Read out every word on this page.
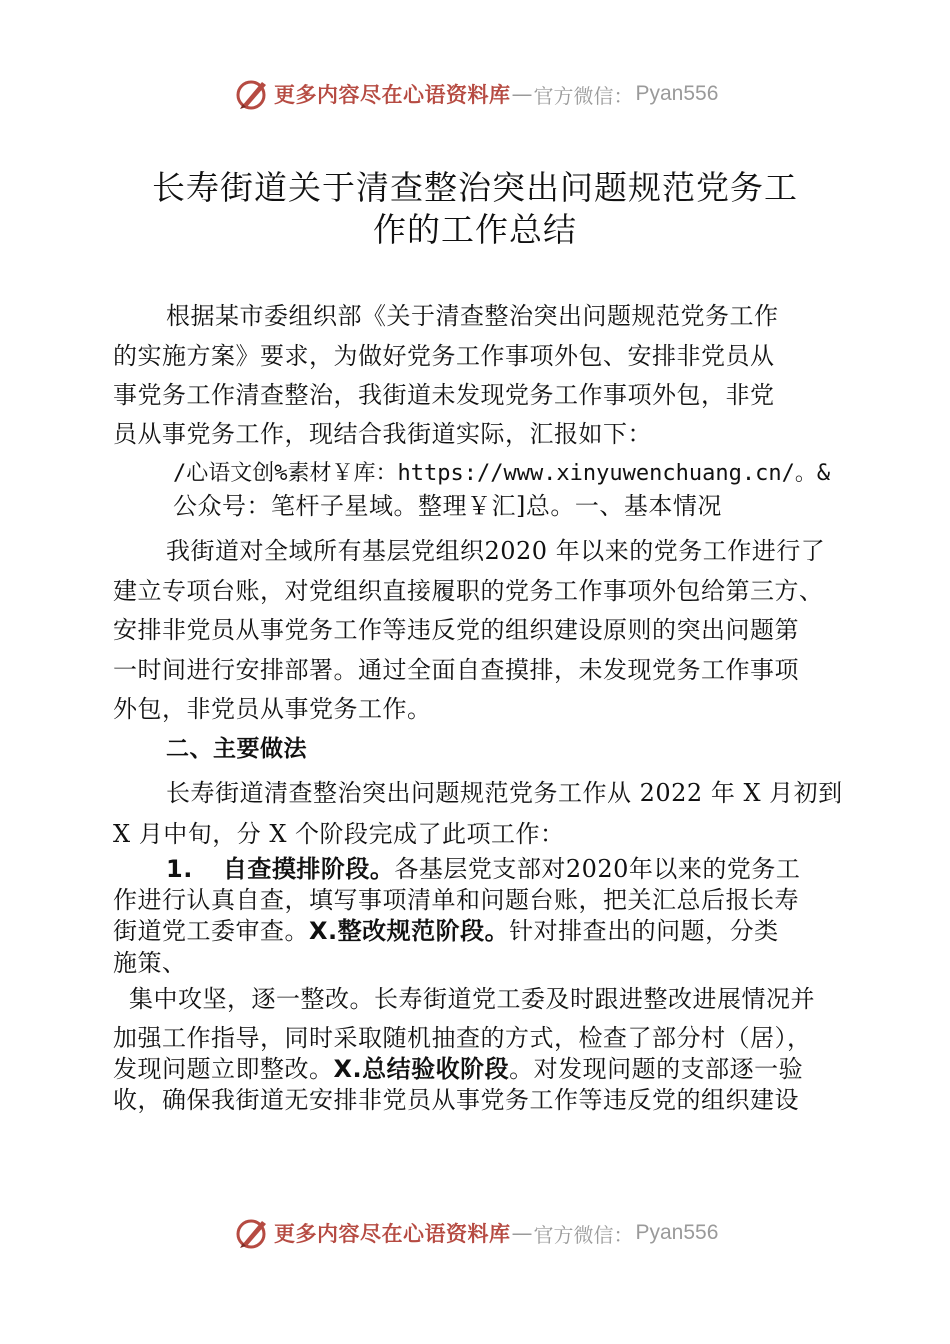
更多内容尽在心语资料库 — 官方微信： Pyan556
长寿街道关于清查整治突出问题规范党务工
作的工作总结
根据某市委组织部《关于清查整治突出问题规范党务工作
的实施方案》要求，为做好党务工作事项外包、安排非党员从
事党务工作清查整治，我街道未发现党务工作事项外包，非党
员从事党务工作，现结合我街道实际，汇报如下：
/心语文创%素材￥库：https://www.xinyuwenchuang.cn/。&
公众号：笔杆子星域。整理￥汇]总。一、基本情况
我街道对全域所有基层党组织2020 年以来的党务工作进行了
建立专项台账，对党组织直接履职的党务工作事项外包给第三方、
安排非党员从事党务工作等违反党的组织建设原则的突出问题第
一时间进行安排部署。通过全面自查摸排，未发现党务工作事项
外包，非党员从事党务工作。
二、主要做法
长寿街道清查整治突出问题规范党务工作从 2022 年 X 月初到
X 月中旬，分 X 个阶段完成了此项工作：
1. 自查摸排阶段。各基层党支部对2020年以来的党务工
作进行认真自查，填写事项清单和问题台账，把关汇总后报长寿
街道党工委审查。X.整改规范阶段。针对排查出的问题，分类
施策、
集中攻坚，逐一整改。长寿街道党工委及时跟进整改进展情况并
加强工作指导，同时采取随机抽查的方式，检查了部分村（居），
发现问题立即整改。X.总结验收阶段。对发现问题的支部逐一验
收，确保我街道无安排非党员从事党务工作等违反党的组织建设
更多内容尽在心语资料库 — 官方微信： Pyan556
